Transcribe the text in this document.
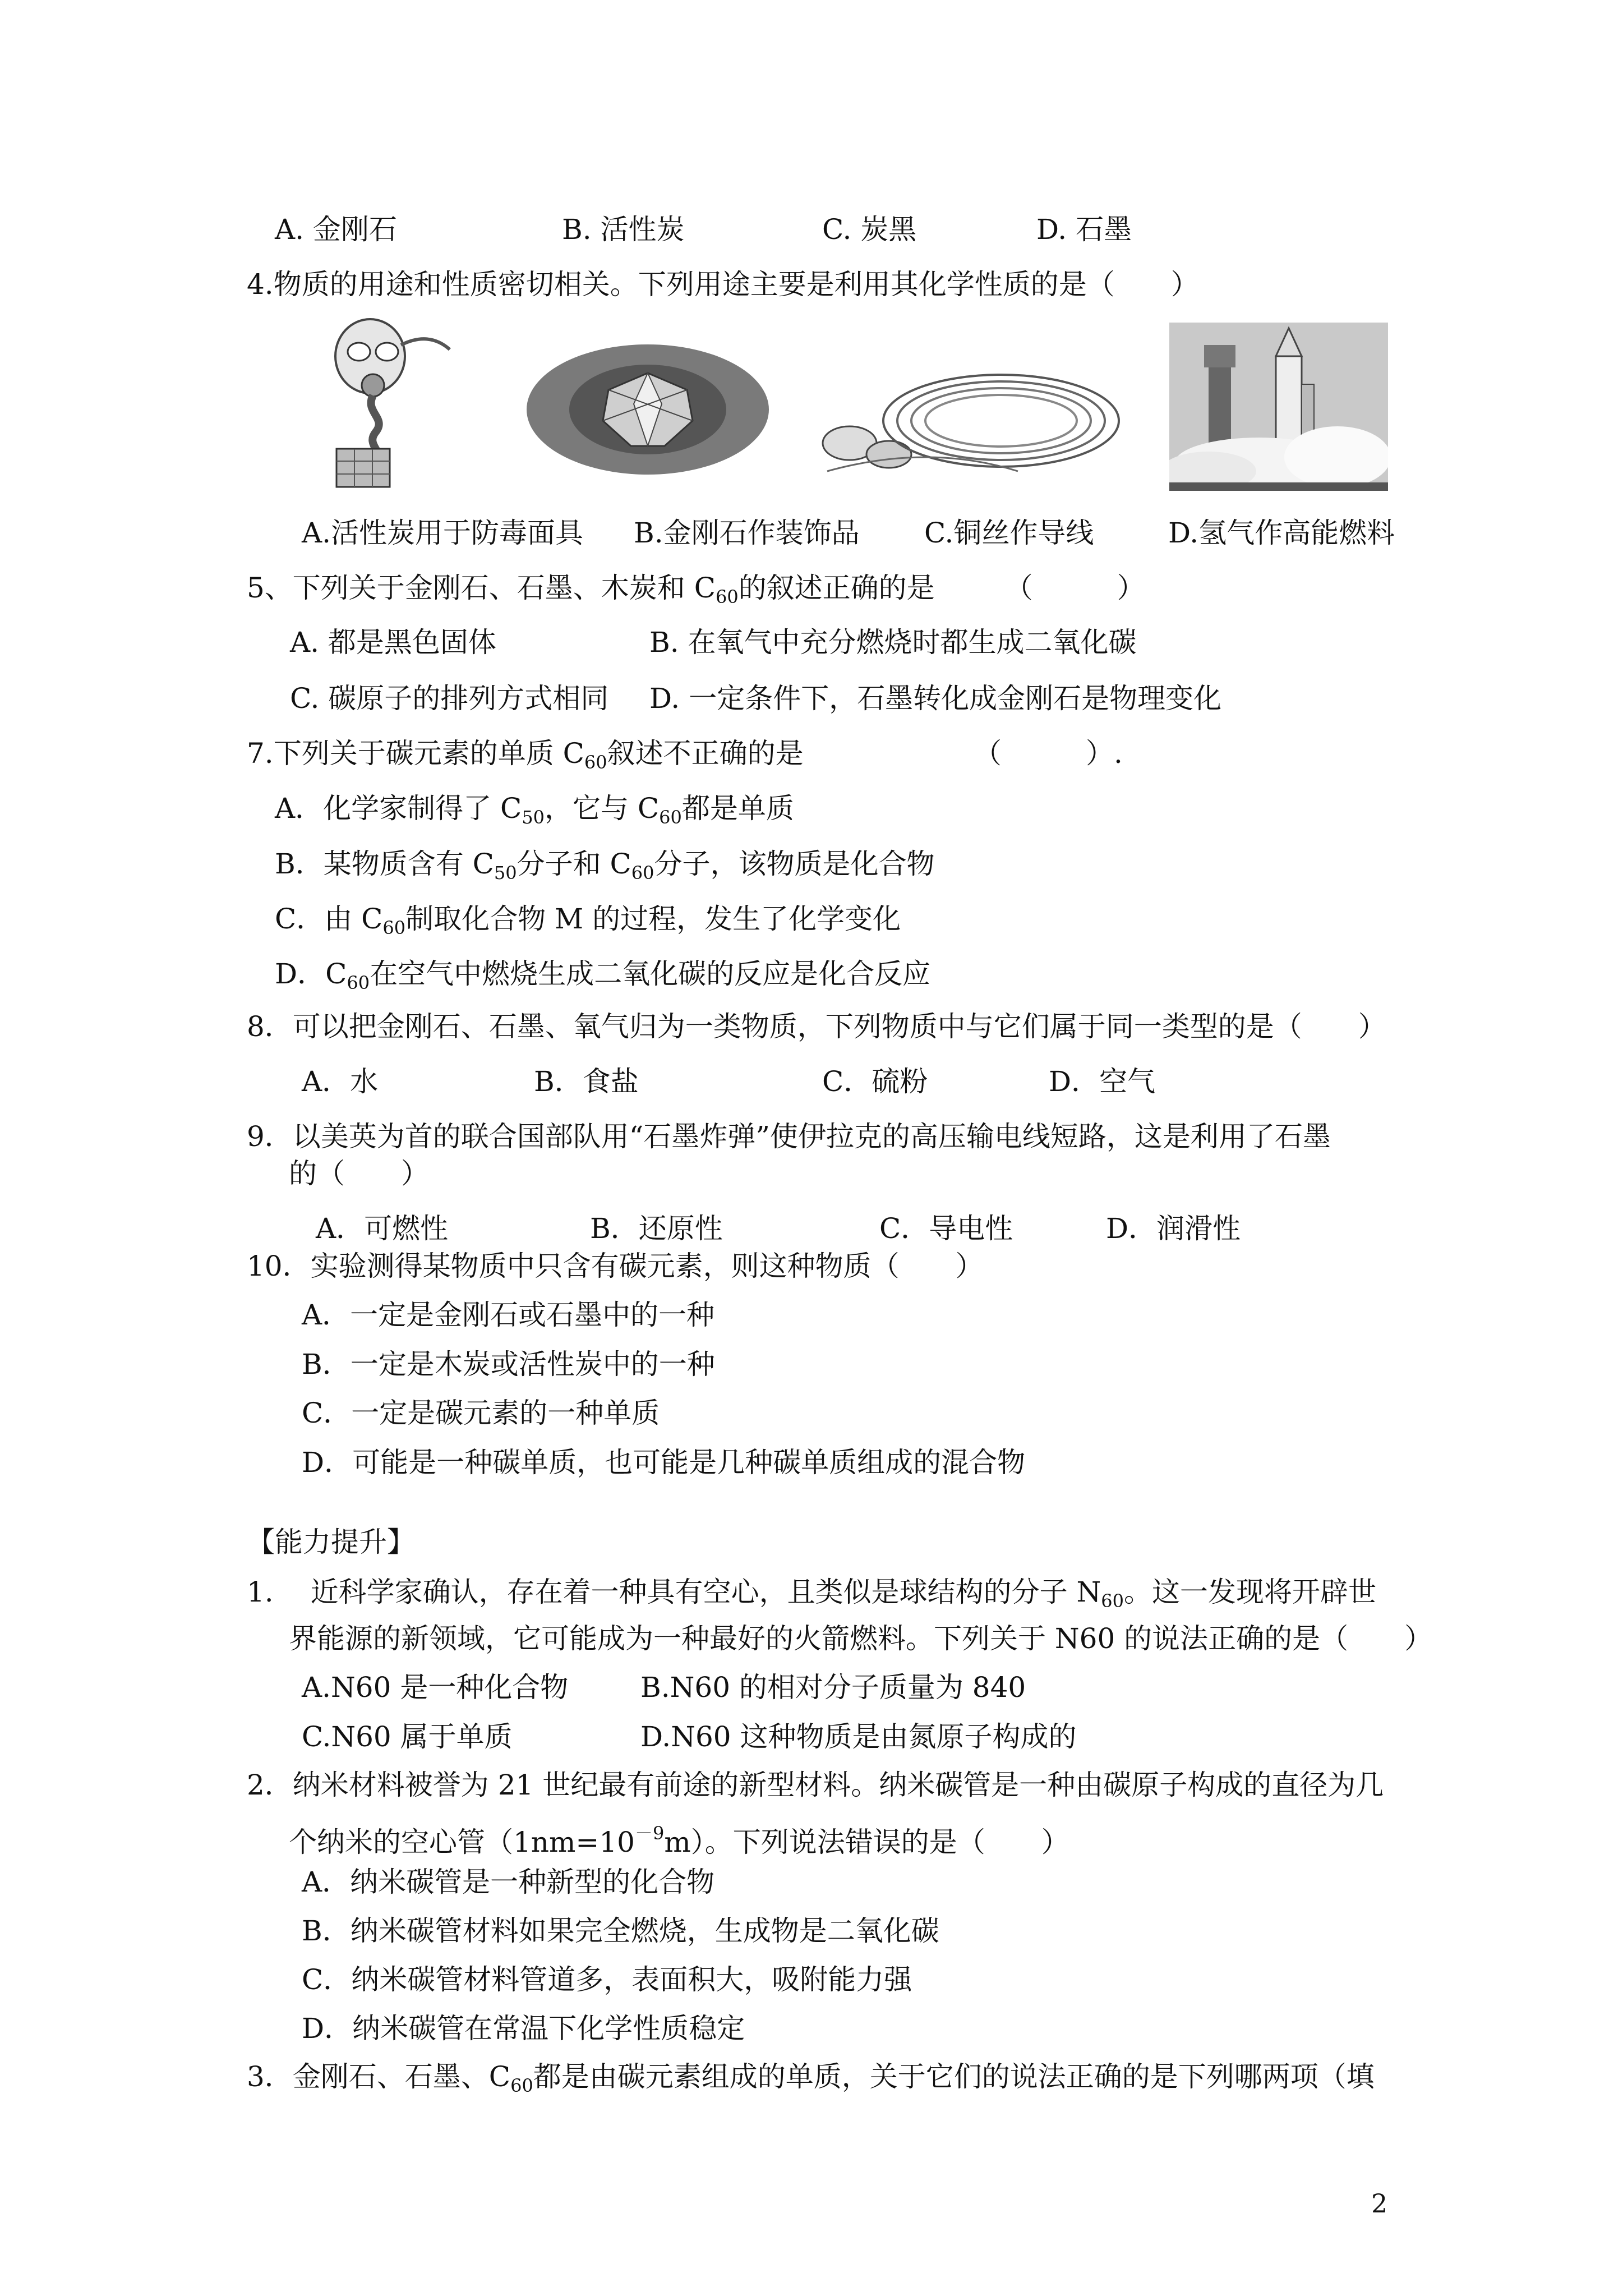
A. 金刚石	B. 活性炭	C. 炭黑	D. 石墨
4.物质的用途和性质密切相关。下列用途主要是利用其化学性质的是（　　）
A.活性炭用于防毒面具 B.金刚石作装饰品 C.铜丝作导线	D.氢气作高能燃料
5、下列关于金刚石、石墨、木炭和 $C_{60}$的叙述正确的是　　　（　　　）
A. 都是黑色固体	B. 在氧气中充分燃烧时都生成二氧化碳
C. 碳原子的排列方式相同 D. 一定条件下，石墨转化成金刚石是物理变化
7.下列关于碳元素的单质 $C_{60}$叙述不正确的是	（　　　）.
A．化学家制得了 $C_{50}$，它与 $C_{60}$都是单质
B．某物质含有 $C_{50}$分子和 $C_{60}$分子，该物质是化合物
C．由 $C_{60}$制取化合物 M 的过程，发生了化学变化
D．$C_{60}$在空气中燃烧生成二氧化碳的反应是化合反应
8．可以把金刚石、石墨、氧气归为一类物质，下列物质中与它们属于同一类型的是（　　）
A．水	B．食盐	C．硫粉	D．空气
9．以美英为首的联合国部队用“石墨炸弹”使伊拉克的高压输电线短路，这是利用了石墨
的（　　）
A．可燃性	B．还原性	C．导电性	D．润滑性
10．实验测得某物质中只含有碳元素，则这种物质（　　）
A．一定是金刚石或石墨中的一种
B．一定是木炭或活性炭中的一种
C．一定是碳元素的一种单质
D．可能是一种碳单质，也可能是几种碳单质组成的混合物
【能力提升】
1.　 近科学家确认，存在着一种具有空心，且类似是球结构的分子 $N_{60}$。这一发现将开辟世
界能源的新领域，它可能成为一种最好的火箭燃料。下列关于 N60 的说法正确的是（　　）
A.N60 是一种化合物	B.N60 的相对分子质量为 840
C.N60 属于单质	D.N60 这种物质是由氮原子构成的
2．纳米材料被誉为 21 世纪最有前途的新型材料。纳米碳管是一种由碳原子构成的直径为几
个纳米的空心管$(1nm=10^{-9}m)$。下列说法错误的是（　　）
A．纳米碳管是一种新型的化合物
B．纳米碳管材料如果完全燃烧，生成物是二氧化碳
C．纳米碳管材料管道多，表面积大，吸附能力强
D．纳米碳管在常温下化学性质稳定
3．金刚石、石墨、$C_{60}$都是由碳元素组成的单质，关于它们的说法正确的是下列哪两项（填
2
